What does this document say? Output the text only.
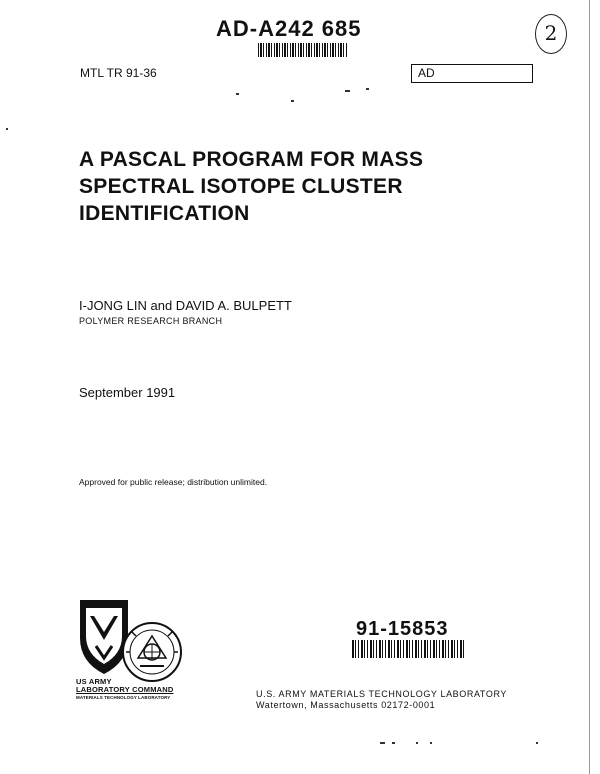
AD-A242 685	2
MTL TR 91-36	AD
A PASCAL PROGRAM FOR MASS
SPECTRAL ISOTOPE CLUSTER
IDENTIFICATION
I-JONG LIN and DAVID A. BULPETT
POLYMER RESEARCH BRANCH
September 1991
Approved for public release; distribution unlimited.
91-15853
US ARMY
LABORATORY COMMAND
MATERIALS TECHNOLOGY LABORATORY	U.S. ARMY MATERIALS TECHNOLOGY LABORATORY
Watertown, Massachusetts 02172-0001
